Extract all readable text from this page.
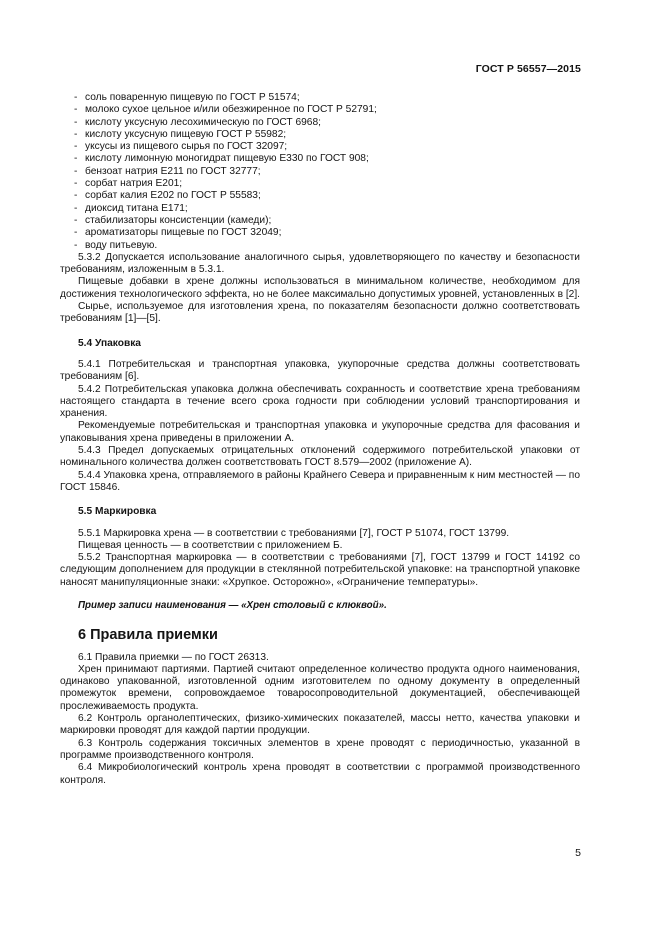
ГОСТ Р 56557—2015
- соль поваренную пищевую по ГОСТ Р 51574;
- молоко сухое цельное и/или обезжиренное по ГОСТ Р 52791;
- кислоту уксусную лесохимическую по ГОСТ 6968;
- кислоту уксусную пищевую ГОСТ Р 55982;
- уксусы из пищевого сырья по ГОСТ 32097;
- кислоту лимонную моногидрат пищевую Е330 по ГОСТ 908;
- бензоат натрия Е211 по ГОСТ 32777;
- сорбат натрия Е201;
- сорбат калия Е202 по ГОСТ Р 55583;
- диоксид титана Е171;
- стабилизаторы консистенции (камеди);
- ароматизаторы пищевые по ГОСТ 32049;
- воду питьевую.

5.3.2 Допускается использование аналогичного сырья, удовлетворяющего по качеству и безопасности требованиям, изложенным в 5.3.1.

Пищевые добавки в хрене должны использоваться в минимальном количестве, необходимом для достижения технологического эффекта, но не более максимально допустимых уровней, установленных в [2].

Сырье, используемое для изготовления хрена, по показателям безопасности должно соответствовать требованиям [1]—[5].

5.4 Упаковка

5.4.1 Потребительская и транспортная упаковка, укупорочные средства должны соответствовать требованиям [6].

5.4.2 Потребительская упаковка должна обеспечивать сохранность и соответствие хрена требованиям настоящего стандарта в течение всего срока годности при соблюдении условий транспортирования и хранения.

Рекомендуемые потребительская и транспортная упаковка и укупорочные средства для фасования и упаковывания хрена приведены в приложении А.

5.4.3 Предел допускаемых отрицательных отклонений содержимого потребительской упаковки от номинального количества должен соответствовать ГОСТ 8.579—2002 (приложение А).

5.4.4 Упаковка хрена, отправляемого в районы Крайнего Севера и приравненным к ним местностей — по ГОСТ 15846.

5.5 Маркировка

5.5.1 Маркировка хрена — в соответствии с требованиями [7], ГОСТ Р 51074, ГОСТ 13799.

Пищевая ценность — в соответствии с приложением Б.

5.5.2 Транспортная маркировка — в соответствии с требованиями [7], ГОСТ 13799 и ГОСТ 14192 со следующим дополнением для продукции в стеклянной потребительской упаковке: на транспортной упаковке наносят манипуляционные знаки: «Хрупкое. Осторожно», «Ограничение температуры».

Пример записи наименования — «Хрен столовый с клюквой».
6 Правила приемки

6.1 Правила приемки — по ГОСТ 26313.

Хрен принимают партиями. Партией считают определенное количество продукта одного наименования, одинаково упакованной, изготовленной одним изготовителем по одному документу в определенный промежуток времени, сопровождаемое товаросопроводительной документацией, обеспечивающей прослеживаемость продукта.

6.2 Контроль органолептических, физико-химических показателей, массы нетто, качества упаковки и маркировки проводят для каждой партии продукции.

6.3 Контроль содержания токсичных элементов в хрене проводят с периодичностью, указанной в программе производственного контроля.

6.4 Микробиологический контроль хрена проводят в соответствии с программой производственного контроля.

5
